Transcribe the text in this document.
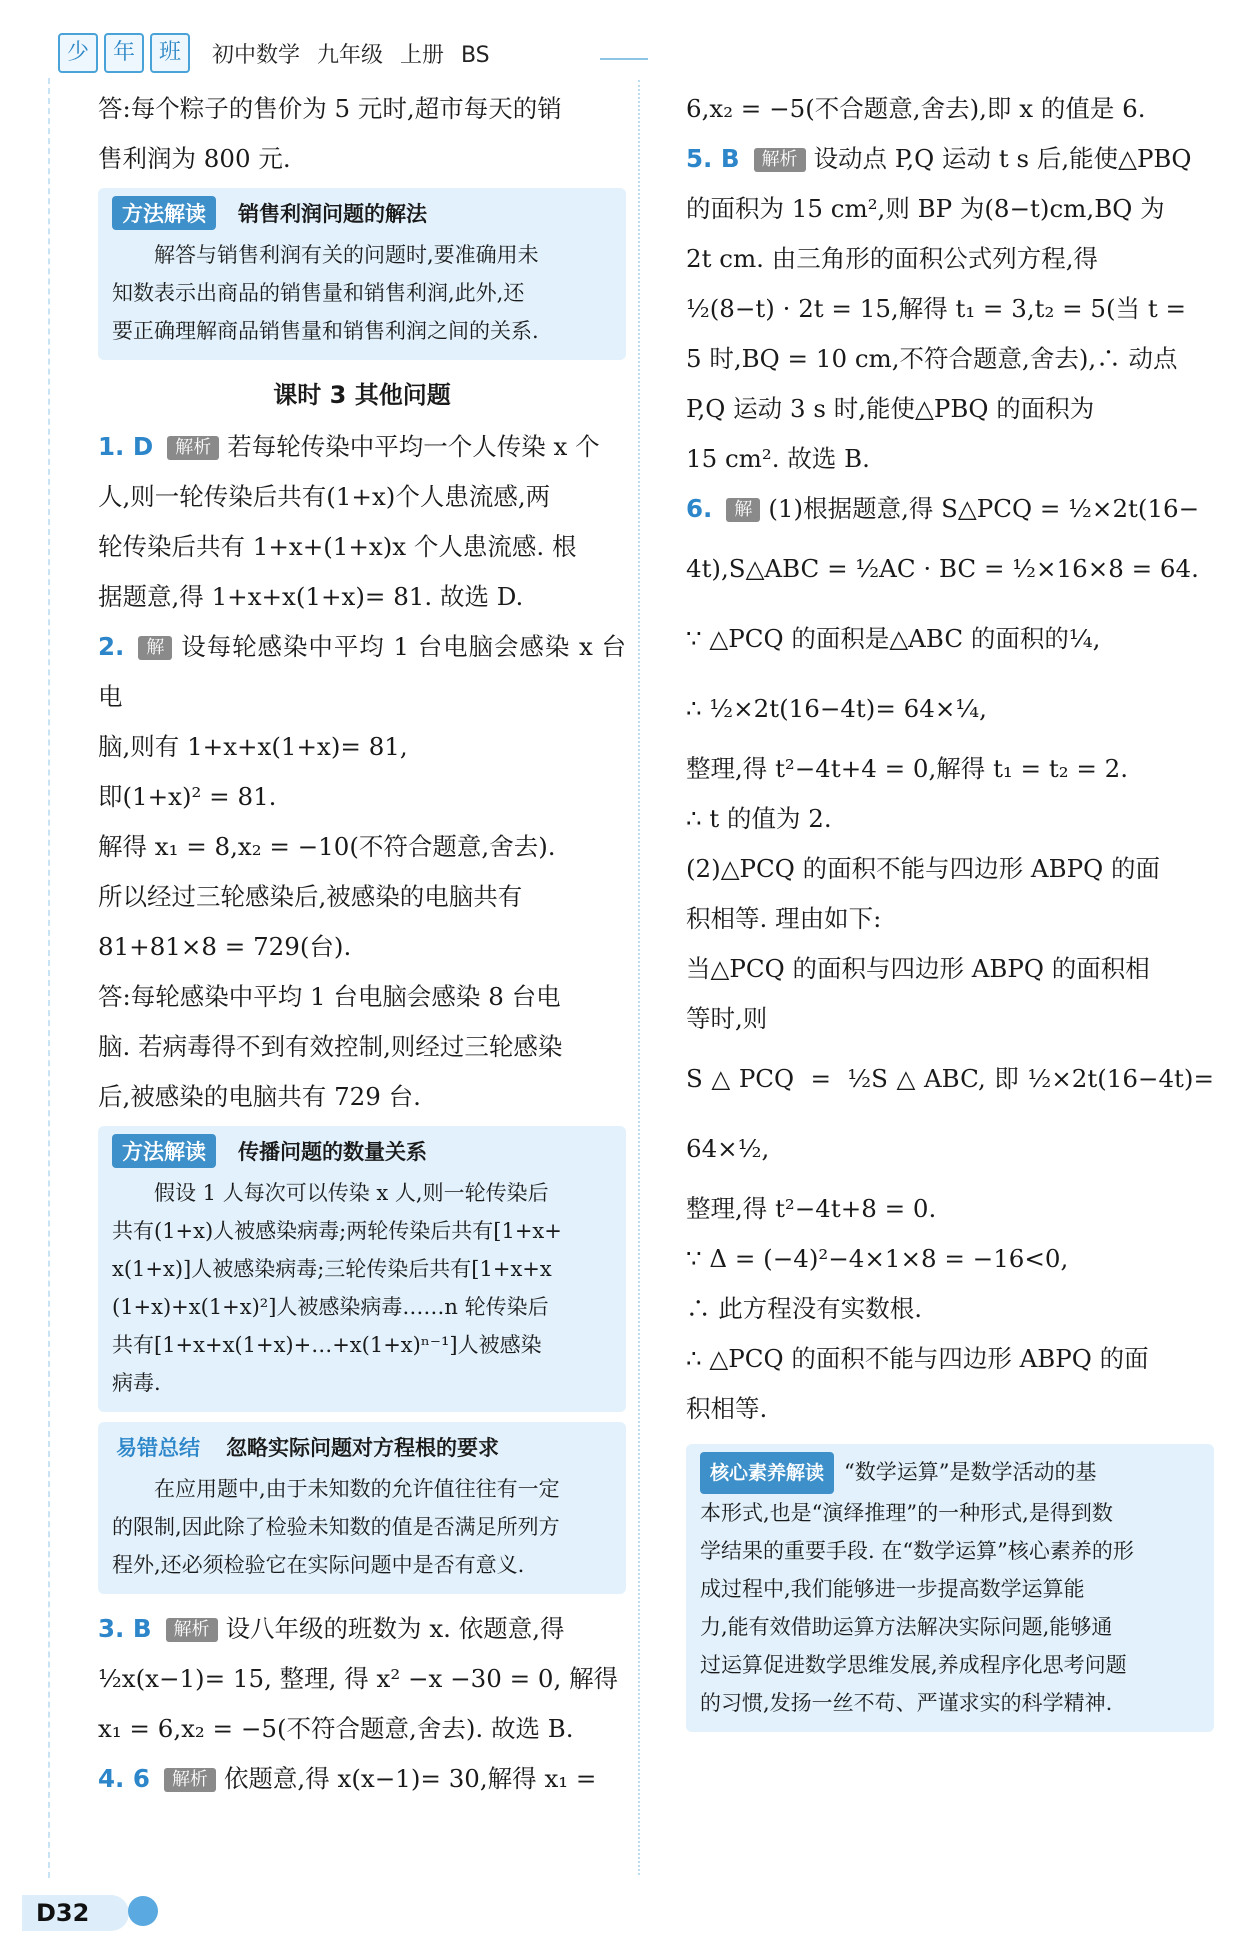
少	年	班	初中数学 九年级 上册 BS

答:每个粽子的售价为 5 元时,超市每天的销

售利润为 800 元.

方法解读	销售利润问题的解法

解答与销售利润有关的问题时,要准确用未

知数表示出商品的销售量和销售利润,此外,还

要正确理解商品销售量和销售利润之间的关系.

课时 3 其他问题

1. D 解析 若每轮传染中平均一个人传染 x 个

人,则一轮传染后共有(1+x)个人患流感,两

轮传染后共有 1+x+(1+x)x 个人患流感. 根

据题意,得 1+x+x(1+x)= 81. 故选 D.

2. 解 设每轮感染中平均 1 台电脑会感染 x 台电

脑,则有 1+x+x(1+x)= 81,

即(1+x)² = 81.

解得 x₁ = 8,x₂ = −10(不符合题意,舍去).

所以经过三轮感染后,被感染的电脑共有

81+81×8 = 729(台).

答:每轮感染中平均 1 台电脑会感染 8 台电

脑. 若病毒得不到有效控制,则经过三轮感染

后,被感染的电脑共有 729 台.

方法解读	传播问题的数量关系

假设 1 人每次可以传染 x 人,则一轮传染后

共有(1+x)人被感染病毒;两轮传染后共有[1+x+

x(1+x)]人被感染病毒;三轮传染后共有[1+x+x

(1+x)+x(1+x)²]人被感染病毒……n 轮传染后

共有[1+x+x(1+x)+…+x(1+x)ⁿ⁻¹]人被感染

病毒.

易错总结 忽略实际问题对方程根的要求

在应用题中,由于未知数的允许值往往有一定

的限制,因此除了检验未知数的值是否满足所列方

程外,还必须检验它在实际问题中是否有意义.

3. B 解析 设八年级的班数为 x. 依题意,得

½x(x−1)= 15, 整理, 得 x² −x −30 = 0, 解得

x₁ = 6,x₂ = −5(不符合题意,舍去). 故选 B.

4. 6 解析 依题意,得 x(x−1)= 30,解得 x₁ =

6,x₂ = −5(不合题意,舍去),即 x 的值是 6.

5. B 解析 设动点 P,Q 运动 t s 后,能使△PBQ

的面积为 15 cm²,则 BP 为(8−t)cm,BQ 为

2t cm. 由三角形的面积公式列方程,得

½(8−t) · 2t = 15,解得 t₁ = 3,t₂ = 5(当 t =

5 时,BQ = 10 cm,不符合题意,舍去),∴ 动点

P,Q 运动 3 s 时,能使△PBQ 的面积为

15 cm². 故选 B.

6. 解 (1)根据题意,得 S△PCQ = ½×2t(16−

4t),S△ABC = ½AC · BC = ½×16×8 = 64.

∵ △PCQ 的面积是△ABC 的面积的¼,

∴ ½×2t(16−4t)= 64×¼,

整理,得 t²−4t+4 = 0,解得 t₁ = t₂ = 2.

∴ t 的值为 2.

(2)△PCQ 的面积不能与四边形 ABPQ 的面

积相等. 理由如下:

当△PCQ 的面积与四边形 ABPQ 的面积相

等时,则

S△PCQ = ½S△ABC,即½×2t(16−4t)= 64×½,

整理,得 t²−4t+8 = 0.

∵ Δ = (−4)²−4×1×8 = −16<0,

∴ 此方程没有实数根.

∴ △PCQ 的面积不能与四边形 ABPQ 的面

积相等.

核心素养解读 “数学运算”是数学活动的基

本形式,也是“演绎推理”的一种形式,是得到数

学结果的重要手段. 在“数学运算”核心素养的形

成过程中,我们能够进一步提高数学运算能

力,能有效借助运算方法解决实际问题,能够通

过运算促进数学思维发展,养成程序化思考问题

的习惯,发扬一丝不苟、严谨求实的科学精神.

D32
